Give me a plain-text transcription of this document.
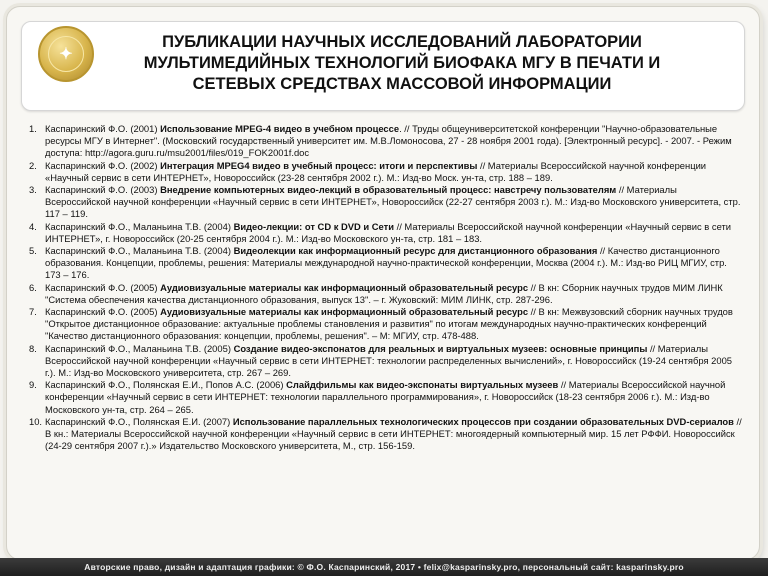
✦
ПУБЛИКАЦИИ НАУЧНЫХ ИССЛЕДОВАНИЙ ЛАБОРАТОРИИ МУЛЬТИМЕДИЙНЫХ ТЕХНОЛОГИЙ БИОФАКА МГУ В ПЕЧАТИ И СЕТЕВЫХ СРЕДСТВАХ МАССОВОЙ ИНФОРМАЦИИ
1. Каспаринский Ф.О. (2001) Использование MPEG-4 видео в учебном процессе. // Труды общеуниверситетской конференции "Научно-образовательные ресурсы МГУ в Интернет". (Московский государственный университет им. М.В.Ломоносова, 27 - 28 ноября 2001 года). [Электронный ресурс]. - 2007. - Режим доступа: http://agora.guru.ru/msu2001/files/019_FOK2001f.doc
2. Каспаринский Ф.О. (2002) Интеграция MPEG4 видео в учебный процесс: итоги и перспективы // Материалы Всероссийской научной конференции «Научный сервис в сети ИНТЕРНЕТ», Новороссийск (23-28 сентября 2002 г.). М.: Изд-во Моск. ун-та, стр. 188 – 189.
3. Каспаринский Ф.О. (2003) Внедрение компьютерных видео-лекций в образовательный процесс: навстречу пользователям // Материалы Всероссийской научной конференции «Научный сервис в сети ИНТЕРНЕТ», Новороссийск (22-27 сентября 2003 г.). М.: Изд-во Московского университета, стр. 117 – 119.
4. Каспаринский Ф.О., Маланьина Т.В. (2004) Видео-лекции: от CD к DVD и Сети // Материалы Всероссийской научной конференции «Научный сервис в сети ИНТЕРНЕТ», г. Новороссийск (20-25 сентября 2004 г.). М.: Изд-во Московского ун-та, стр. 181 – 183.
5. Каспаринский Ф.О., Маланьина Т.В. (2004) Видеолекции как информационный ресурс для дистанционного образования // Качество дистанционного образования. Концепции, проблемы, решения: Материалы международной научно-практической конференции, Москва (2004 г.). М.: Изд-во РИЦ МГИУ, стр. 173 – 176.
6. Каспаринский Ф.О. (2005) Аудиовизуальные материалы как информационный образовательный ресурс // В кн: Сборник научных трудов МИМ ЛИНК "Система обеспечения качества дистанционного образования, выпуск 13". – г. Жуковский: МИМ ЛИНК, стр. 287-296.
7. Каспаринский Ф.О. (2005) Аудиовизуальные материалы как информационный образовательный ресурс // В кн: Межвузовский сборник научных трудов "Открытое дистанционное образование: актуальные проблемы становления и развития" по итогам международных научно-практических конференций "Качество дистанционного образования: концепции, проблемы, решения". – М: МГИУ, стр. 478-488.
8. Каспаринский Ф.О., Маланьина Т.В. (2005) Создание видео-экспонатов для реальных и виртуальных музеев: основные принципы // Материалы Всероссийской научной конференции «Научный сервис в сети ИНТЕРНЕТ: технологии распределенных вычислений», г. Новороссийск (19-24 сентября 2005 г.). М.: Изд-во Московского университета, стр. 267 – 269.
9. Каспаринский Ф.О., Полянская Е.И., Попов А.С. (2006) Слайдфильмы как видео-экспонаты виртуальных музеев // Материалы Всероссийской научной конференции «Научный сервис в сети ИНТЕРНЕТ: технологии параллельного программирования», г. Новороссийск (18-23 сентября 2006 г.). М.: Изд-во Московского ун-та, стр. 264 – 265.
10. Каспаринский Ф.О., Полянская Е.И. (2007) Использование параллельных технологических процессов при создании образовательных DVD-сериалов // В кн.: Материалы Всероссийской научной конференции «Научный сервис в сети ИНТЕРНЕТ: многоядерный компьютерный мир. 15 лет РФФИ. Новороссийск (24-29 сентября 2007 г.).» Издательство Московского университета, М., стр. 156-159.
Авторские право, дизайн и адаптация графики: © Ф.О. Каспаринский, 2017 • felix@kasparinsky.pro, персональный сайт: kasparinsky.pro
